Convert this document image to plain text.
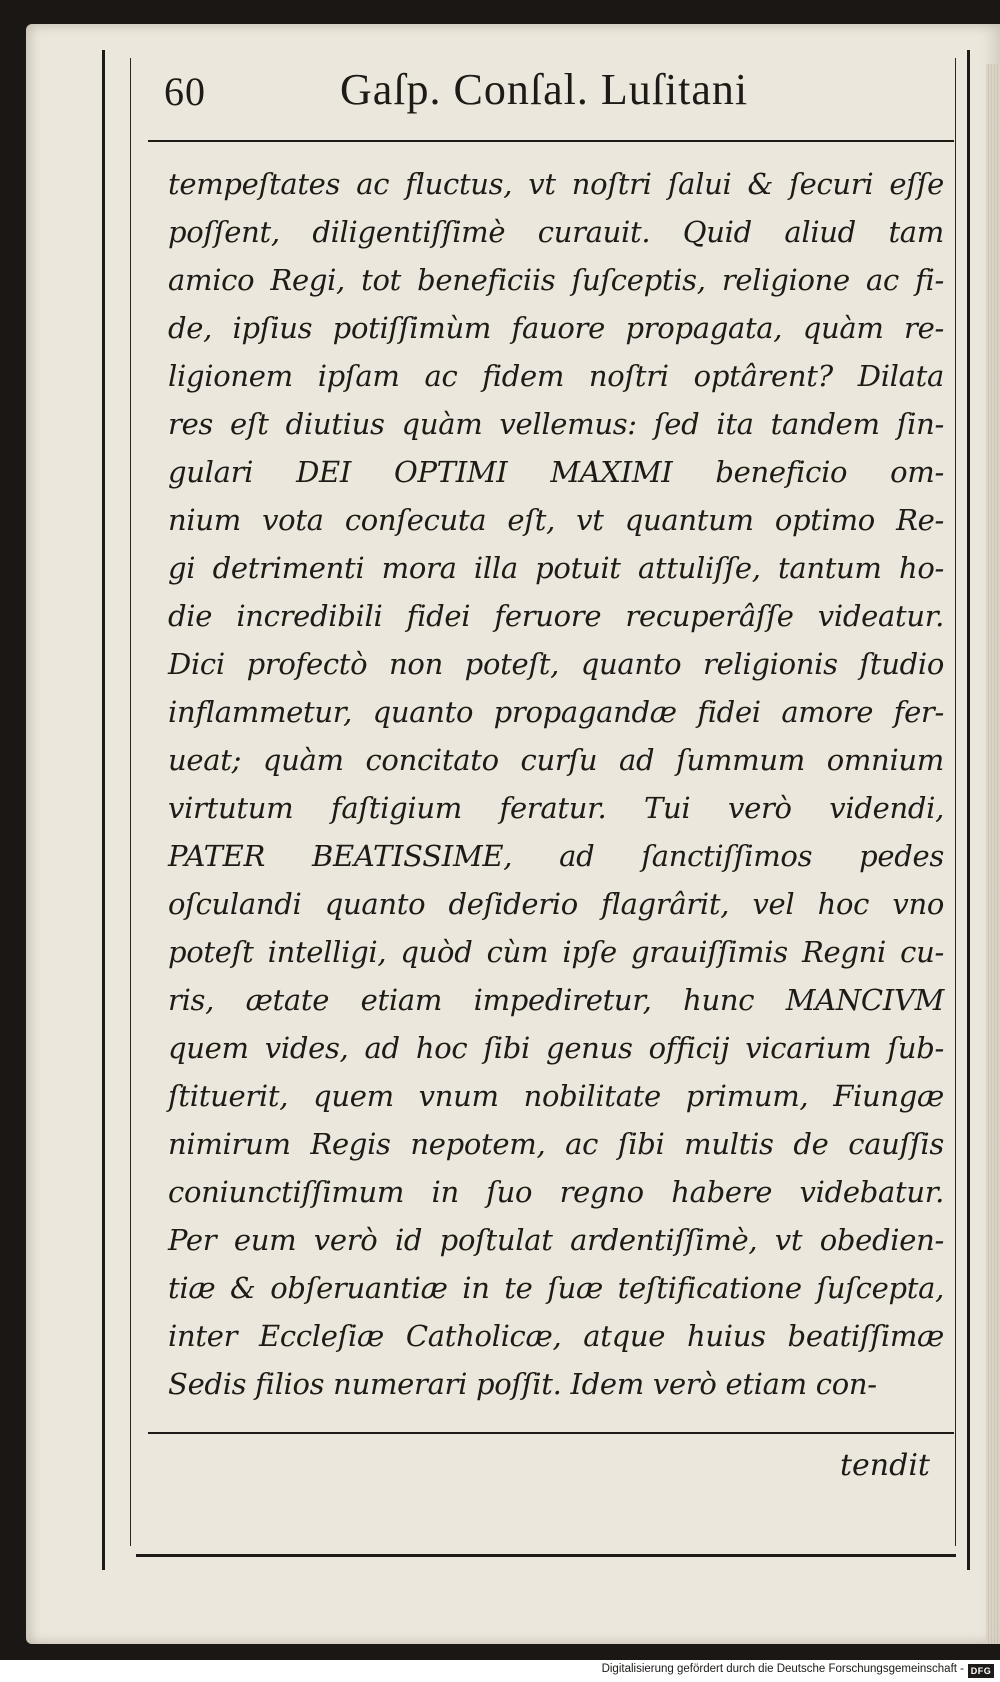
60	Gaſp. Conſal. Luſitani
tempeſtates ac fluctus, vt noſtri ſalui & ſecuri eſſe
poſſent, diligentiſſimè curauit. Quid aliud tam
amico Regi, tot beneficiis ſuſceptis, religione ac fi-
de, ipſius potiſſimùm fauore propagata, quàm re-
ligionem ipſam ac fidem noſtri optârent? Dilata
res eſt diutius quàm vellemus: ſed ita tandem ſin-
gulari DEI OPTIMI MAXIMI beneficio om-
nium vota conſecuta eſt, vt quantum optimo Re-
gi detrimenti mora illa potuit attuliſſe, tantum ho-
die incredibili fidei feruore recuperâſſe videatur.
Dici profectò non poteſt, quanto religionis ſtudio
inflammetur, quanto propagandæ fidei amore fer-
ueat; quàm concitato curſu ad ſummum omnium
virtutum faſtigium feratur. Tui verò videndi,
PATER BEATISSIME, ad ſanctiſſimos pedes
oſculandi quanto deſiderio flagrârit, vel hoc vno
poteſt intelligi, quòd cùm ipſe grauiſſimis Regni cu-
ris, ætate etiam impediretur, hunc MANCIVM
quem vides, ad hoc ſibi genus officij vicarium ſub-
ſtituerit, quem vnum nobilitate primum, Fiungæ
nimirum Regis nepotem, ac ſibi multis de cauſſis
coniunctiſſimum in ſuo regno habere videbatur.
Per eum verò id poſtulat ardentiſſimè, vt obedien-
tiæ & obſeruantiæ in te ſuæ teſtificatione ſuſcepta,
inter Eccleſiæ Catholicæ, atque huius beatiſſimæ
Sedis filios numerari poſſit. Idem verò etiam con-
tendit
Digitalisierung gefördert durch die Deutsche Forschungsgemeinschaft - DFG
